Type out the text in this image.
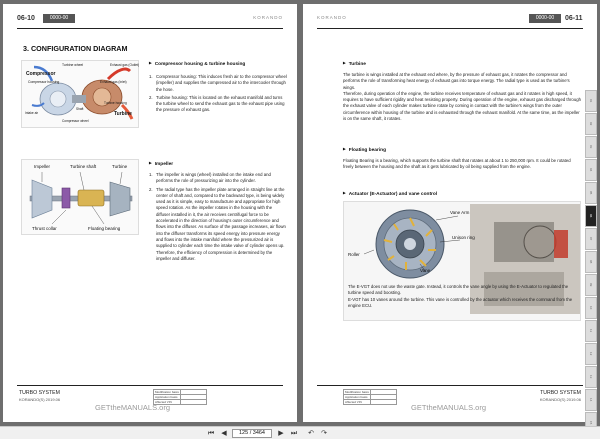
06-10	0000-00	KORANDO
3. CONFIGURATION DIAGRAM
Compressor
Turbine
Turbine wheel
Compressor housing
Exhaust gas (Outlet)
Exhaust gas (Inlet)
Turbine housing
Intake air
Compressor wheel
Shaft
▶ Compressor housing & turbine housing
1. Compressor housing: This induces fresh air to the compressor wheel (impeller) and supplies the compressed air to the intercooler through the hose.
2. Turbine housing: This is located on the exhaust manifold and turns the turbine wheel to send the exhaust gas to the exhaust pipe using the pressure of exhaust gas.
Impeller	Turbine shaft	Turbine
Thrust collar	Floating bearing
▶ Impeller
1. The impeller is wings (wheel) installed on the intake end and performs the role of pressurizing air into the cylinder.
2. The radial type has the impeller plate arranged in straight line at the center of shaft and, compared to the backward type, is being widely used as it is simple, easy to manufacture and appropriate for high speed rotation. As the impeller rotates in the housing with the diffuser installed in it, the air receives centrifugal force to be accelerated in the direction of housing's outer circumference and flows into the diffuser. As surface of the passage increases, air flown into the diffuser transforms its speed energy into pressure energy and flows into the intake manifold where the pressurized air is supplied to cylinder each time the intake valve of cylinder opens up. Therefore, the efficiency of compression is determined by the impeller and diffuser.
TURBO SYSTEM
KORANDO(S) 2019.06
Modification basis	
Application basis	
Affected VIN	
GETtheMANUALS.org
KORANDO	0000-00	06-11
▶ Turbine
The turbine is wings installed at the exhaust end where, by the pressure of exhaust gas, it rotates the compressor and performs the role of transforming heat energy of exhaust gas into torque energy. The radial type is used as the turbine's wings.
Therefore, during operation of the engine, the turbine receives temperature of exhaust gas and it rotates in high speed, it requires to have sufficient rigidity and heat resisting property. During operation of the engine, exhaust gas discharged through the exhaust valve of each cylinder makes turbine rotate by coming in contact with the turbine's wings from the outer circumference within housing of the turbine and is exhausted through the exhaust manifold. At the same time, as the impeller is on the same shaft, it rotates.
▶ Floating bearing
Floating Bearing is a bearing, which supports the turbine shaft that rotates at about 1 to 250,000 rpm. It could be rotated freely between the housing and the shaft as it gets lubricated by oil being supplied from the engine.
▶ Actuator (E-Actuator) and vane control
Vane Arm
Unison ring
Roller
Vane
The E-VGT does not use the waste gate. Instead, it controls the vane angle by using the E-Actuator to regulated the turbine speed and boosting.
E-VGT has 10 vanes around the turbine. This vane is controlled by the actuator which receives the command from the engine ECU.
01
02
03
04
05
06
07
08
09
10
11
12
13
14
15
TURBO SYSTEM
KORANDO(S) 2019.06
Modification basis	
Application basis	
Affected VIN	
GETtheMANUALS.org
⏮	◀	125 / 3464	▶	⏭ ↶ ↷
